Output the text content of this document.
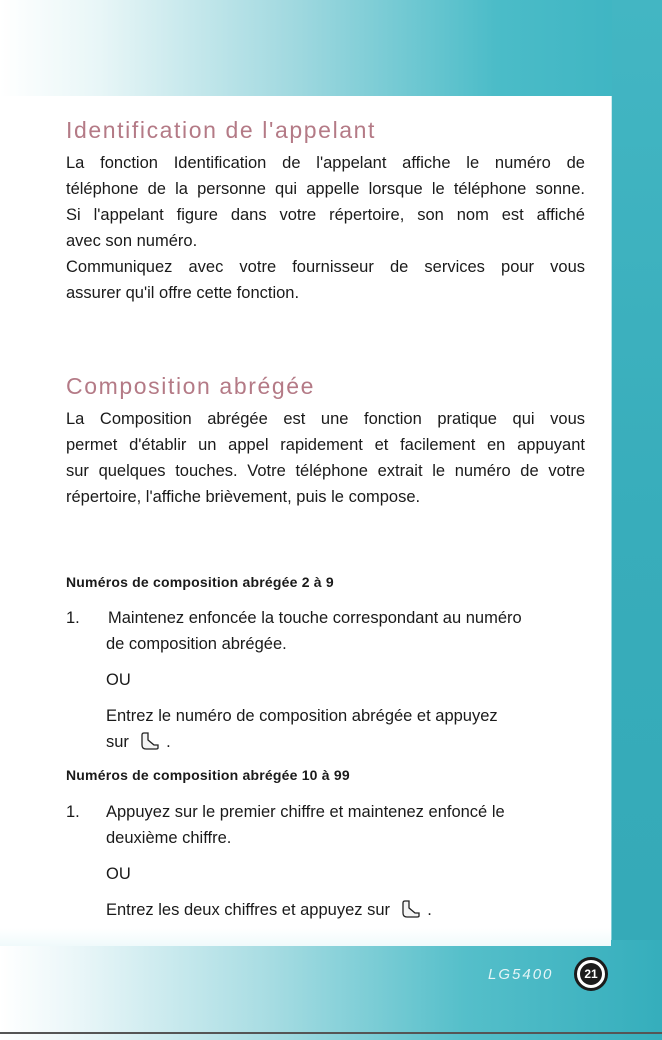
Identification de l'appelant

La fonction Identification de l'appelant affiche le numéro de
téléphone de la personne qui appelle lorsque le téléphone sonne.
Si l'appelant figure dans votre répertoire, son nom est affiché
avec son numéro.
Communiquez avec votre fournisseur de services pour vous
assurer qu'il offre cette fonction.

Composition abrégée

La Composition abrégée est une fonction pratique qui vous
permet d'établir un appel rapidement et facilement en appuyant
sur quelques touches. Votre téléphone extrait le numéro de votre
répertoire, l'affiche brièvement, puis le compose.

Numéros de composition abrégée 2 à 9
1. Maintenez enfoncée la touche correspondant au numéro
de composition abrégée.
OU
Entrez le numéro de composition abrégée et appuyez
sur .
Numéros de composition abrégée 10 à 99
1. Appuyez sur le premier chiffre et maintenez enfoncé le
deuxième chiffre.
OU
Entrez les deux chiffres et appuyez sur .
LG5400	21
